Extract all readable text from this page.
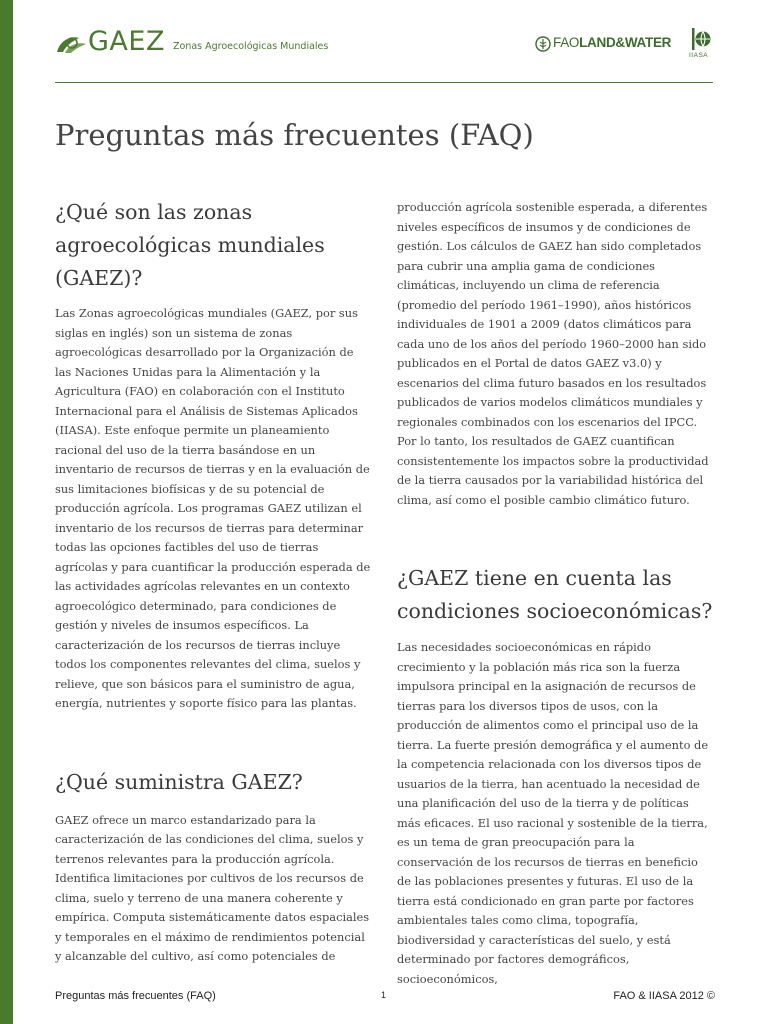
GAEZ Zonas Agroecológicas Mundiales	FAOLAND&WATER
IIASA
Preguntas más frecuentes (FAQ)
¿Qué son las zonas agroecológicas mundiales (GAEZ)?

Las Zonas agroecológicas mundiales (GAEZ, por sus siglas en inglés) son un sistema de zonas agroecológicas desarrollado por la Organización de las Naciones Unidas para la Alimentación y la Agricultura (FAO) en colaboración con el Instituto Internacional para el Análisis de Sistemas Aplicados (IIASA). Este enfoque permite un planeamiento racional del uso de la tierra basándose en un inventario de recursos de tierras y en la evaluación de sus limitaciones biofísicas y de su potencial de producción agrícola. Los programas GAEZ utilizan el inventario de los recursos de tierras para determinar todas las opciones factibles del uso de tierras agrícolas y para cuantificar la producción esperada de las actividades agrícolas relevantes en un contexto agroecológico determinado, para condiciones de gestión y niveles de insumos específicos. La caracterización de los recursos de tierras incluye todos los componentes relevantes del clima, suelos y relieve, que son básicos para el suministro de agua, energía, nutrientes y soporte físico para las plantas.

¿Qué suministra GAEZ?

GAEZ ofrece un marco estandarizado para la caracterización de las condiciones del clima, suelos y terrenos relevantes para la producción agrícola. Identifica limitaciones por cultivos de los recursos de clima, suelo y terreno de una manera coherente y empírica. Computa sistemáticamente datos espaciales y temporales en el máximo de rendimientos potencial y alcanzable del cultivo, así como potenciales de

producción agrícola sostenible esperada, a diferentes niveles específicos de insumos y de condiciones de gestión. Los cálculos de GAEZ han sido completados para cubrir una amplia gama de condiciones climáticas, incluyendo un clima de referencia (promedio del período 1961–1990), años históricos individuales de 1901 a 2009 (datos climáticos para cada uno de los años del período 1960–2000 han sido publicados en el Portal de datos GAEZ v3.0) y escenarios del clima futuro basados en los resultados publicados de varios modelos climáticos mundiales y regionales combinados con los escenarios del IPCC. Por lo tanto, los resultados de GAEZ cuantifican consistentemente los impactos sobre la productividad de la tierra causados por la variabilidad histórica del clima, así como el posible cambio climático futuro.

¿GAEZ tiene en cuenta las condiciones socioeconómicas?

Las necesidades socioeconómicas en rápido crecimiento y la población más rica son la fuerza impulsora principal en la asignación de recursos de tierras para los diversos tipos de usos, con la producción de alimentos como el principal uso de la tierra. La fuerte presión demográfica y el aumento de la competencia relacionada con los diversos tipos de usuarios de la tierra, han acentuado la necesidad de una planificación del uso de la tierra y de políticas más eficaces. El uso racional y sostenible de la tierra, es un tema de gran preocupación para la conservación de los recursos de tierras en beneficio de las poblaciones presentes y futuras. El uso de la tierra está condicionado en gran parte por factores ambientales tales como clima, topografía, biodiversidad y características del suelo, y está determinado por factores demográficos, socioeconómicos,

Preguntas más frecuentes (FAQ)	1	FAO & IIASA 2012 ©
